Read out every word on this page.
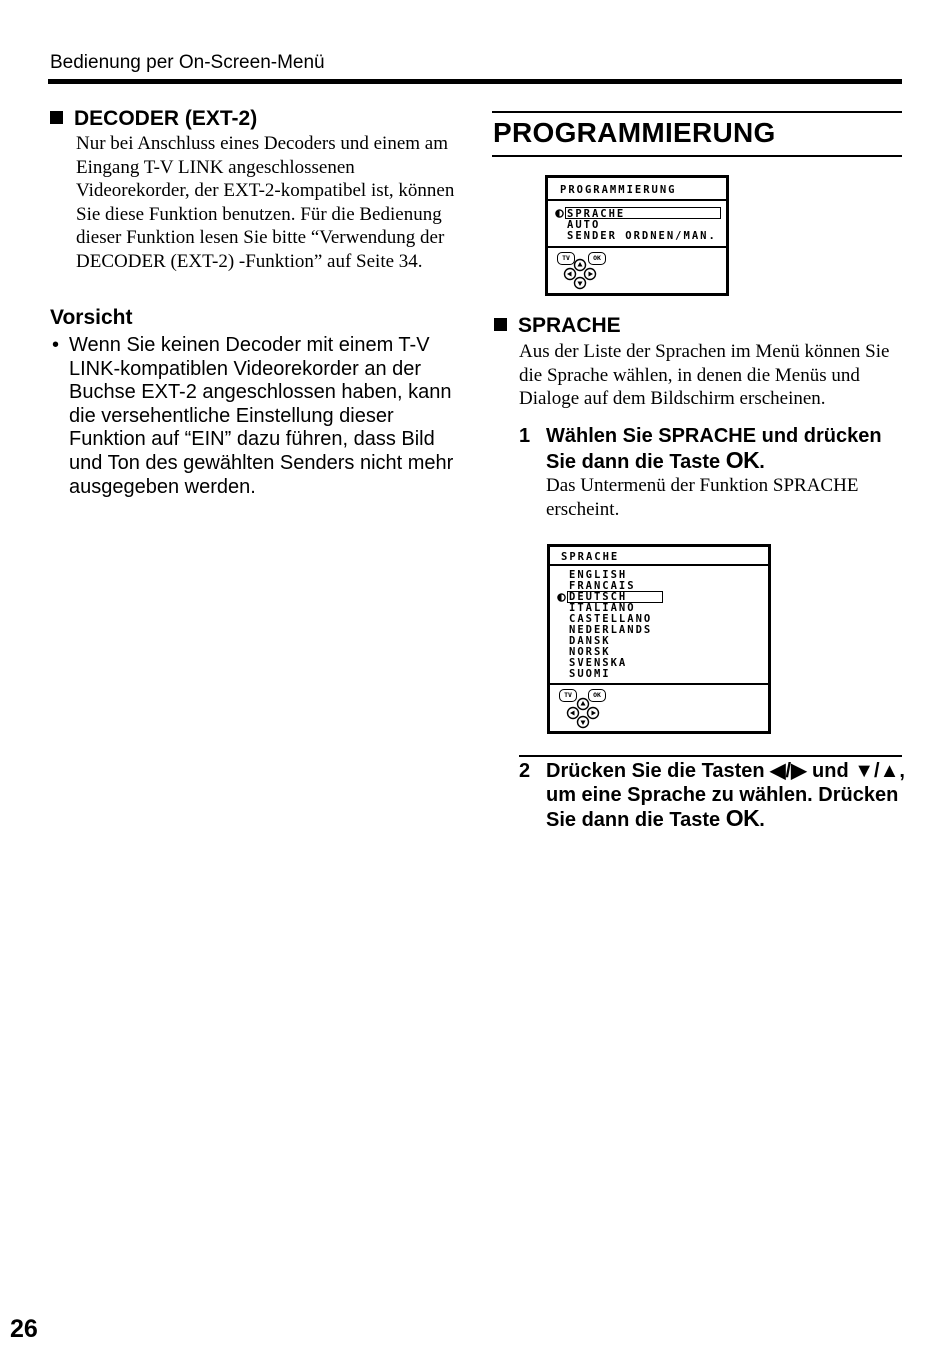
Bedienung per On-Screen-Menü
DECODER (EXT-2)
Nur bei Anschluss eines Decoders und einem am Eingang T-V LINK angeschlossenen Videorekorder, der EXT-2-kompatibel ist, können Sie diese Funktion benutzen. Für die Bedienung dieser Funktion lesen Sie bitte “Verwendung der DECODER (EXT-2) -Funktion” auf Seite 34.
Vorsicht
• Wenn Sie keinen Decoder mit einem T-V LINK-kompatiblen Videorekorder an der Buchse EXT-2 angeschlossen haben, kann die versehentliche Einstellung dieser Funktion auf “EIN” dazu führen, dass Bild und Ton des gewählten Senders nicht mehr ausgegeben werden.
PROGRAMMIERUNG
PROGRAMMIERUNG
SPRACHE
AUTO
SENDER ORDNEN/MAN.
TV	OK
SPRACHE
Aus der Liste der Sprachen im Menü können Sie die Sprache wählen, in denen die Menüs und Dialoge auf dem Bildschirm erscheinen.
1 Wählen Sie SPRACHE und drücken Sie dann die Taste OK.
Das Untermenü der Funktion SPRACHE erscheint.
SPRACHE
ENGLISH
FRANCAIS
DEUTSCH
ITALIANO
CASTELLANO
NEDERLANDS
DANSK
NORSK
SVENSKA
SUOMI
TV	OK
2 Drücken Sie die Tasten ◀/▶ und ▼/▲, um eine Sprache zu wählen. Drücken Sie dann die Taste OK.
26
